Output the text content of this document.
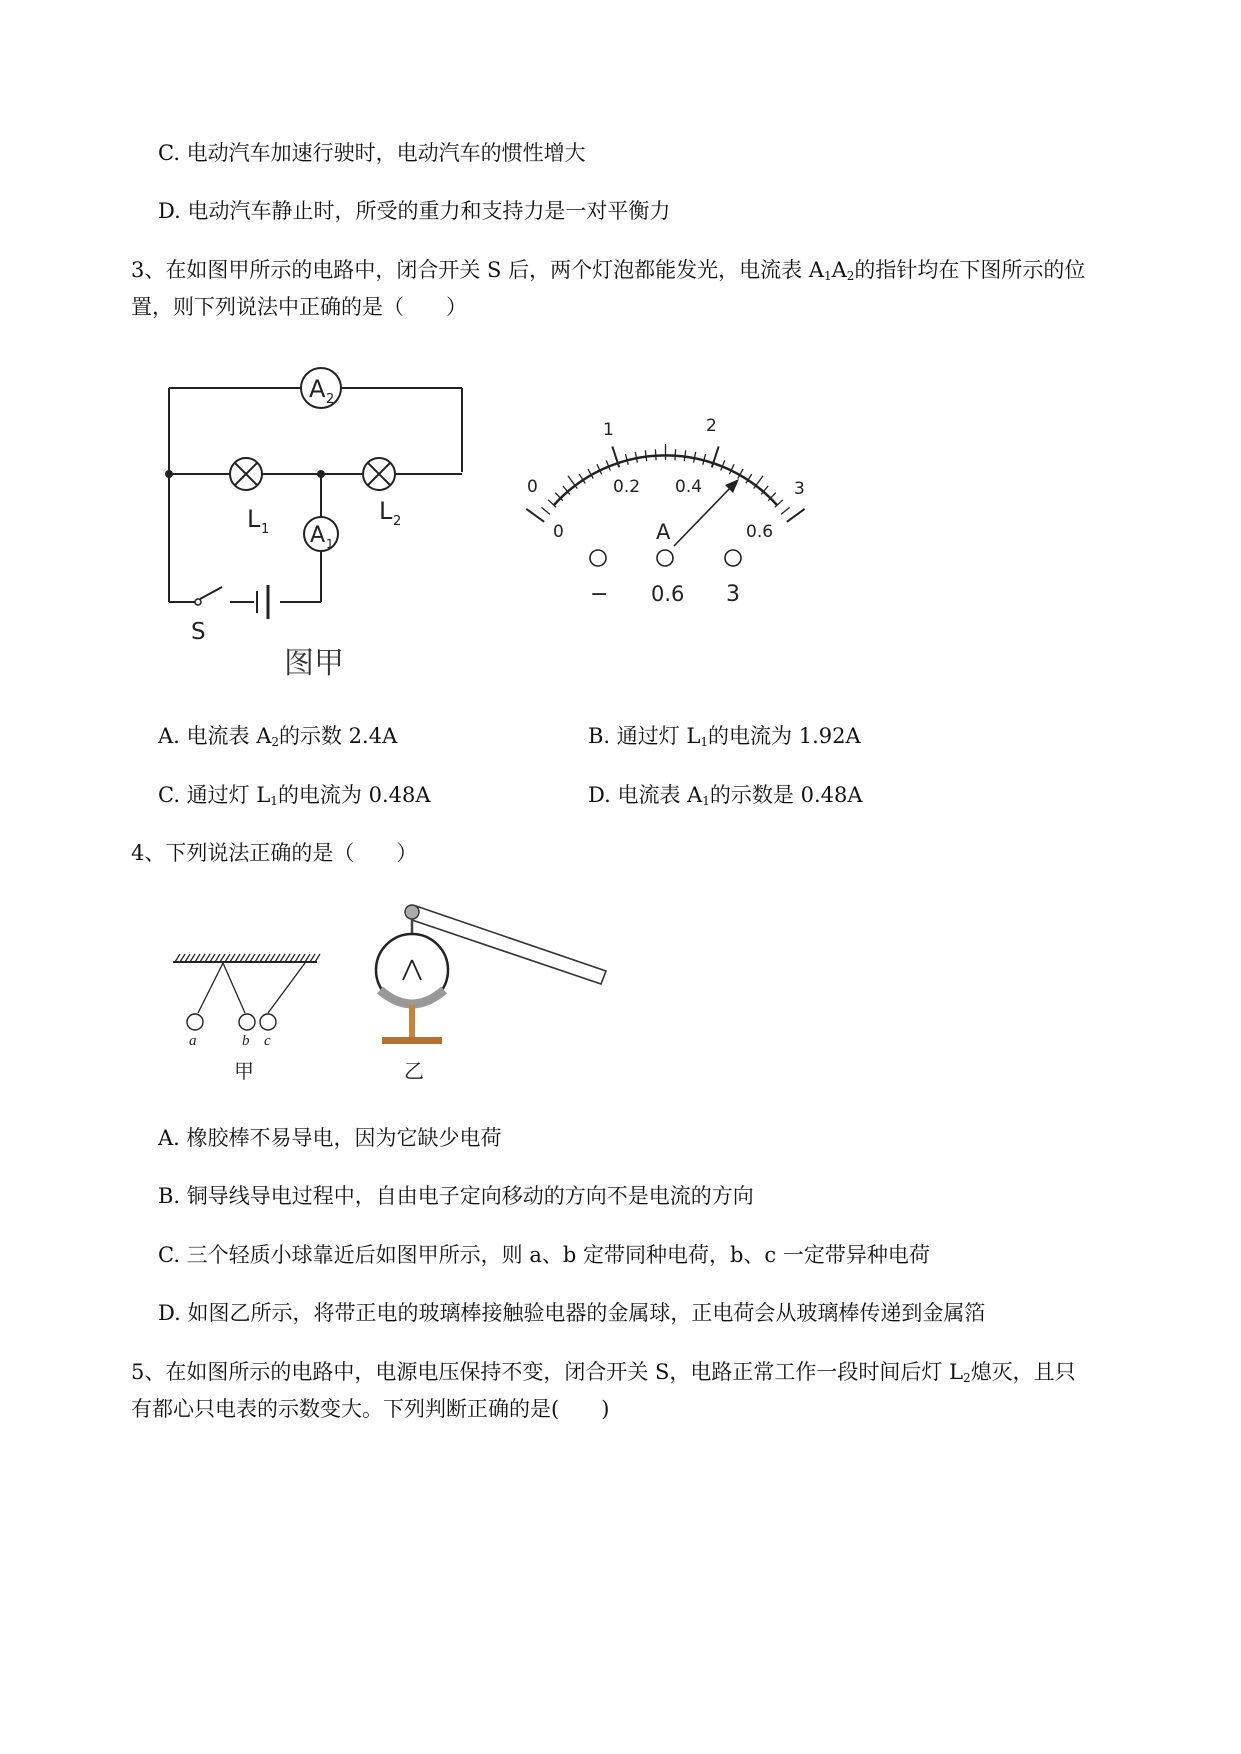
C. 电动汽车加速行驶时，电动汽车的惯性增大
D. 电动汽车静止时，所受的重力和支持力是一对平衡力
3、在如图甲所示的电路中，闭合开关 S 后，两个灯泡都能发光，电流表 $A_1A_2$的指针均在下图所示的位
置，则下列说法中正确的是（　　）
A 2
A 1
L 1
L 2
S
图甲
0
1	2
3
0
0.2 0.4
0.6
A
− 0.6 3
A. 电流表 $A_2$的示数 2.4A	B. 通过灯 $L_1$的电流为 1.92A
C. 通过灯 $L_1$的电流为 0.48A	D. 电流表 $A_1$的示数是 0.48A
4、下列说法正确的是（　　）
a	b c
甲	乙
A. 橡胶棒不易导电，因为它缺少电荷
B. 铜导线导电过程中，自由电子定向移动的方向不是电流的方向
C. 三个轻质小球靠近后如图甲所示，则 a、b 定带同种电荷，b、c 一定带异种电荷
D. 如图乙所示，将带正电的玻璃棒接触验电器的金属球，正电荷会从玻璃棒传递到金属箔
5、在如图所示的电路中，电源电压保持不变，闭合开关 S，电路正常工作一段时间后灯 $L_2$熄灭，且只
有都心只电表的示数变大。下列判断正确的是(　　)
